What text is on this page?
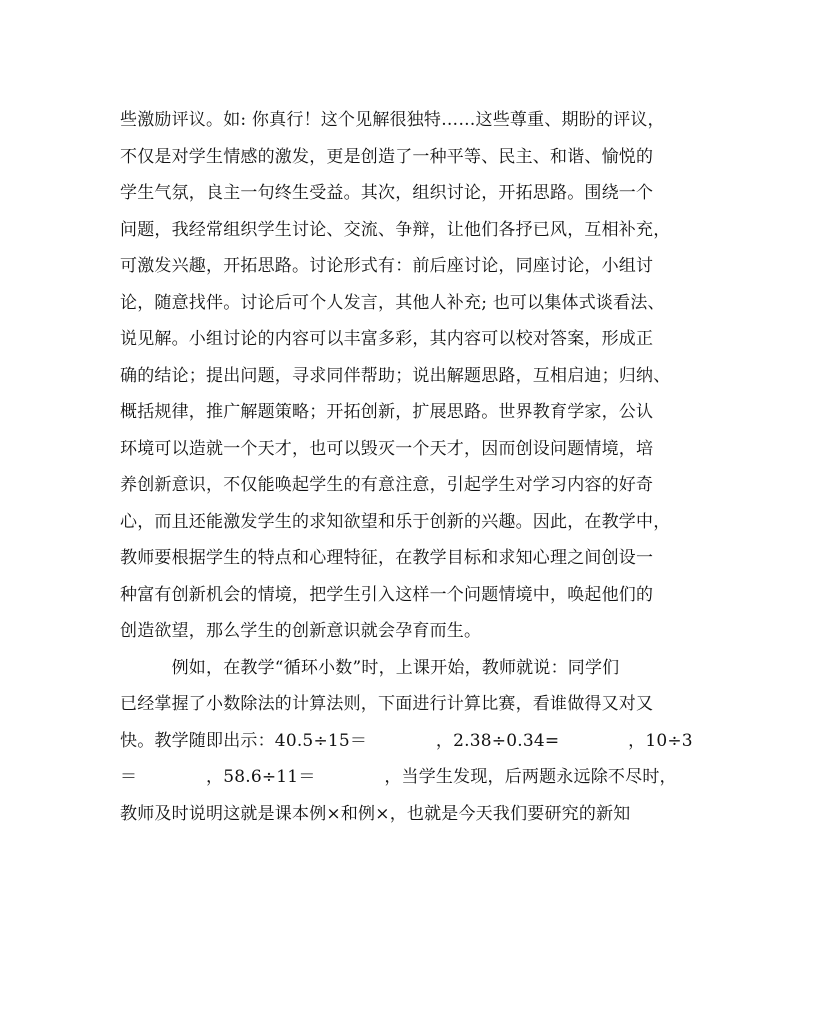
些激励评议。如: 你真行！这个见解很独特……这些尊重、期盼的评议，
不仅是对学生情感的激发，更是创造了一种平等、民主、和谐、愉悦的
学生气氛，良主一句终生受益。其次，组织讨论，开拓思路。围绕一个
问题，我经常组织学生讨论、交流、争辩，让他们各抒已风，互相补充，
可激发兴趣，开拓思路。讨论形式有：前后座讨论，同座讨论，小组讨
论，随意找伴。讨论后可个人发言，其他人补充; 也可以集体式谈看法、
说见解。小组讨论的内容可以丰富多彩，其内容可以校对答案，形成正
确的结论；提出问题，寻求同伴帮助；说出解题思路，互相启迪；归纳、
概括规律，推广解题策略；开拓创新，扩展思路。世界教育学家，公认
环境可以造就一个天才，也可以毁灭一个天才，因而创设问题情境，培
养创新意识，不仅能唤起学生的有意注意，引起学生对学习内容的好奇
心，而且还能激发学生的求知欲望和乐于创新的兴趣。因此，在教学中，
教师要根据学生的特点和心理特征，在教学目标和求知心理之间创设一
种富有创新机会的情境，把学生引入这样一个问题情境中，唤起他们的
创造欲望，那么学生的创新意识就会孕育而生。
　　　例如，在教学“循环小数”时，上课开始，教师就说：同学们
已经掌握了小数除法的计算法则，下面进行计算比赛，看谁做得又对又
快。教学随即出示：40.5÷15＝　　　　，2.38÷0.34=　　　　，10÷3
＝　　　　，58.6÷11＝　　　　，当学生发现，后两题永远除不尽时，
教师及时说明这就是课本例×和例×，也就是今天我们要研究的新知
